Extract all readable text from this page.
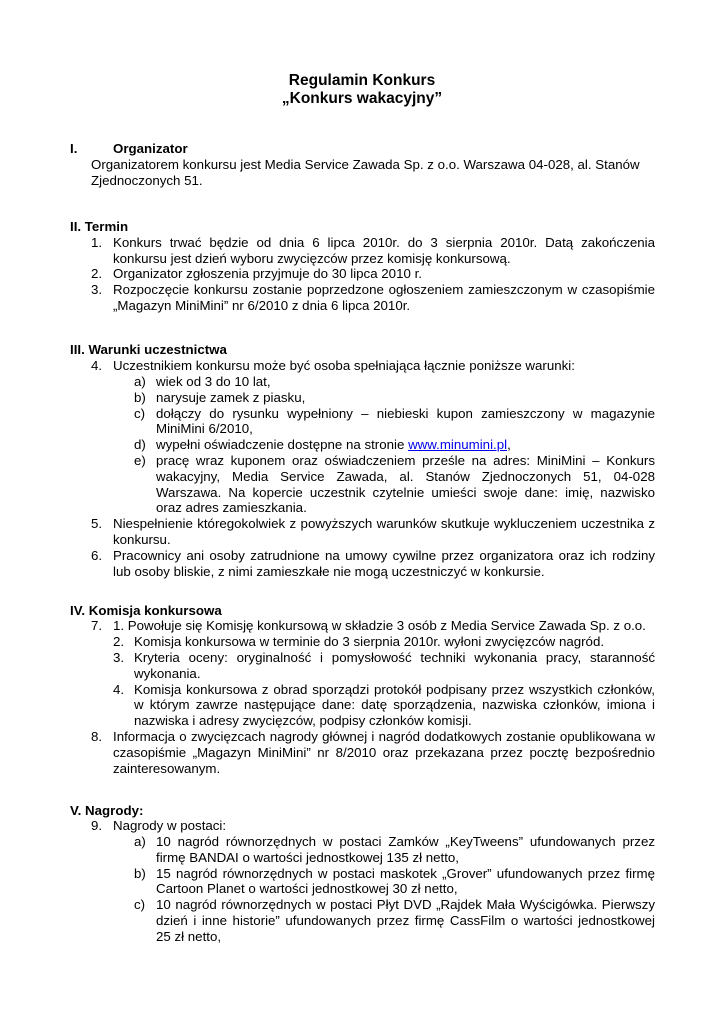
Regulamin Konkurs
„Konkurs wakacyjny”
I.	Organizator
Organizatorem konkursu jest Media Service Zawada Sp. z o.o. Warszawa 04-028, al. Stanów
Zjednoczonych 51.
II. Termin
1. Konkurs trwać będzie od dnia 6 lipca 2010r. do 3 sierpnia 2010r. Datą zakończenia
konkursu jest dzień wyboru zwycięzców przez komisję konkursową.
2. Organizator zgłoszenia przyjmuje do 30 lipca 2010 r.
3. Rozpoczęcie konkursu zostanie poprzedzone ogłoszeniem zamieszczonym w czasopiśmie
„Magazyn MiniMini” nr 6/2010 z dnia 6 lipca 2010r.
III. Warunki uczestnictwa
4. Uczestnikiem konkursu może być osoba spełniająca łącznie poniższe warunki:
a) wiek od 3 do 10 lat,
b) narysuje zamek z piasku,
c) dołączy do rysunku wypełniony – niebieski kupon zamieszczony w magazynie
MiniMini 6/2010,
d) wypełni oświadczenie dostępne na stronie www.minumini.pl,
e) pracę wraz kuponem oraz oświadczeniem prześle na adres: MiniMini – Konkurs
wakacyjny, Media Service Zawada, al. Stanów Zjednoczonych 51, 04-028
Warszawa. Na kopercie uczestnik czytelnie umieści swoje dane: imię, nazwisko
oraz adres zamieszkania.
5. Niespełnienie któregokolwiek z powyższych warunków skutkuje wykluczeniem uczestnika z
konkursu.
6. Pracownicy ani osoby zatrudnione na umowy cywilne przez organizatora oraz ich rodziny
lub osoby bliskie, z nimi zamieszkałe nie mogą uczestniczyć w konkursie.
IV. Komisja konkursowa
7. 1. Powołuje się Komisję konkursową w składzie 3 osób z Media Service Zawada Sp. z o.o.
2. Komisja konkursowa w terminie do 3 sierpnia 2010r. wyłoni zwycięzców nagród.
3. Kryteria oceny: oryginalność i pomysłowość techniki wykonania pracy, staranność
wykonania.
4. Komisja konkursowa z obrad sporządzi protokół podpisany przez wszystkich członków,
w którym zawrze następujące dane: datę sporządzenia, nazwiska członków, imiona i
nazwiska i adresy zwycięzców, podpisy członków komisji.
8. Informacja o zwycięzcach nagrody głównej i nagród dodatkowych zostanie opublikowana w
czasopiśmie „Magazyn MiniMini” nr 8/2010 oraz przekazana przez pocztę bezpośrednio
zainteresowanym.
V. Nagrody:
9. Nagrody w postaci:
a) 10 nagród równorzędnych w postaci Zamków „KeyTweens” ufundowanych przez
firmę BANDAI o wartości jednostkowej 135 zł netto,
b) 15 nagród równorzędnych w postaci maskotek „Grover” ufundowanych przez firmę
Cartoon Planet o wartości jednostkowej 30 zł netto,
c) 10 nagród równorzędnych w postaci Płyt DVD „Rajdek Mała Wyścigówka. Pierwszy
dzień i inne historie” ufundowanych przez firmę CassFilm o wartości jednostkowej
25 zł netto,
